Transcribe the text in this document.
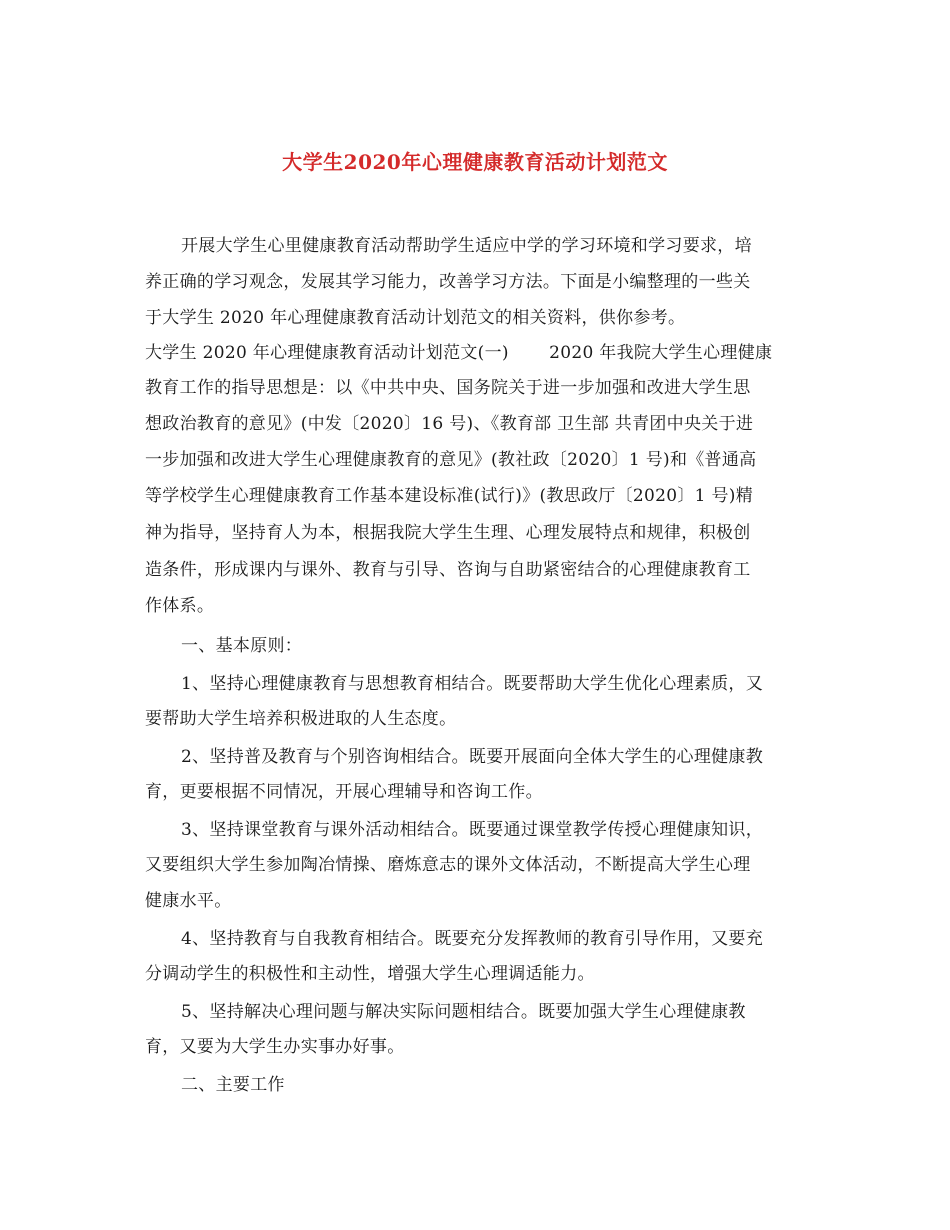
大学生2020年心理健康教育活动计划范文
开展大学生心里健康教育活动帮助学生适应中学的学习环境和学习要求，培
养正确的学习观念，发展其学习能力，改善学习方法。下面是小编整理的一些关
于大学生 2020 年心理健康教育活动计划范文的相关资料，供你参考。
大学生 2020 年心理健康教育活动计划范文(一)　　 2020 年我院大学生心理健康
教育工作的指导思想是：以《中共中央、国务院关于进一步加强和改进大学生思
想政治教育的意见》(中发〔2020〕16 号)、《教育部 卫生部 共青团中央关于进
一步加强和改进大学生心理健康教育的意见》(教社政〔2020〕1 号)和《普通高
等学校学生心理健康教育工作基本建设标准(试行)》(教思政厅〔2020〕1 号)精
神为指导，坚持育人为本，根据我院大学生生理、心理发展特点和规律，积极创
造条件，形成课内与课外、教育与引导、咨询与自助紧密结合的心理健康教育工
作体系。
一、基本原则：
1、坚持心理健康教育与思想教育相结合。既要帮助大学生优化心理素质，又
要帮助大学生培养积极进取的人生态度。
2、坚持普及教育与个别咨询相结合。既要开展面向全体大学生的心理健康教
育，更要根据不同情况，开展心理辅导和咨询工作。
3、坚持课堂教育与课外活动相结合。既要通过课堂教学传授心理健康知识，
又要组织大学生参加陶冶情操、磨炼意志的课外文体活动，不断提高大学生心理
健康水平。
4、坚持教育与自我教育相结合。既要充分发挥教师的教育引导作用，又要充
分调动学生的积极性和主动性，增强大学生心理调适能力。
5、坚持解决心理问题与解决实际问题相结合。既要加强大学生心理健康教
育，又要为大学生办实事办好事。
二、主要工作
